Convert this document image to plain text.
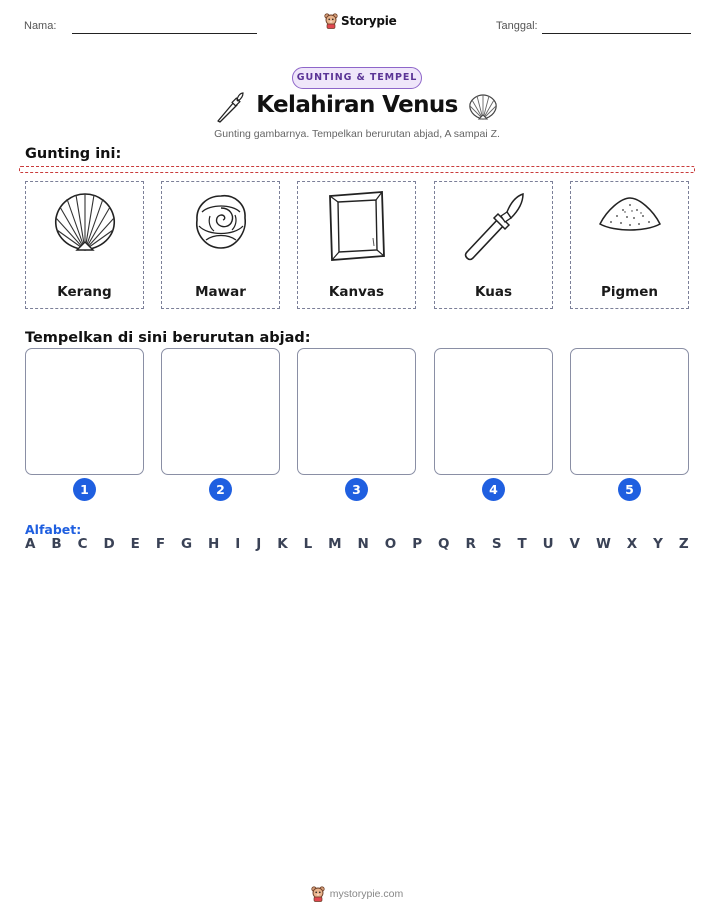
Nama:	Storypie	Tanggal:
GUNTING & TEMPEL
Kelahiran Venus
Gunting gambarnya. Tempelkan berurutan abjad, A sampai Z.
Gunting ini:
Kerang	Mawar	Kanvas	Kuas	Pigmen
Tempelkan di sini berurutan abjad:
1	2	3	4	5
Alfabet:
A B C D E F G H I J K L M N O P Q R S T U V W X Y Z
mystorypie.com
